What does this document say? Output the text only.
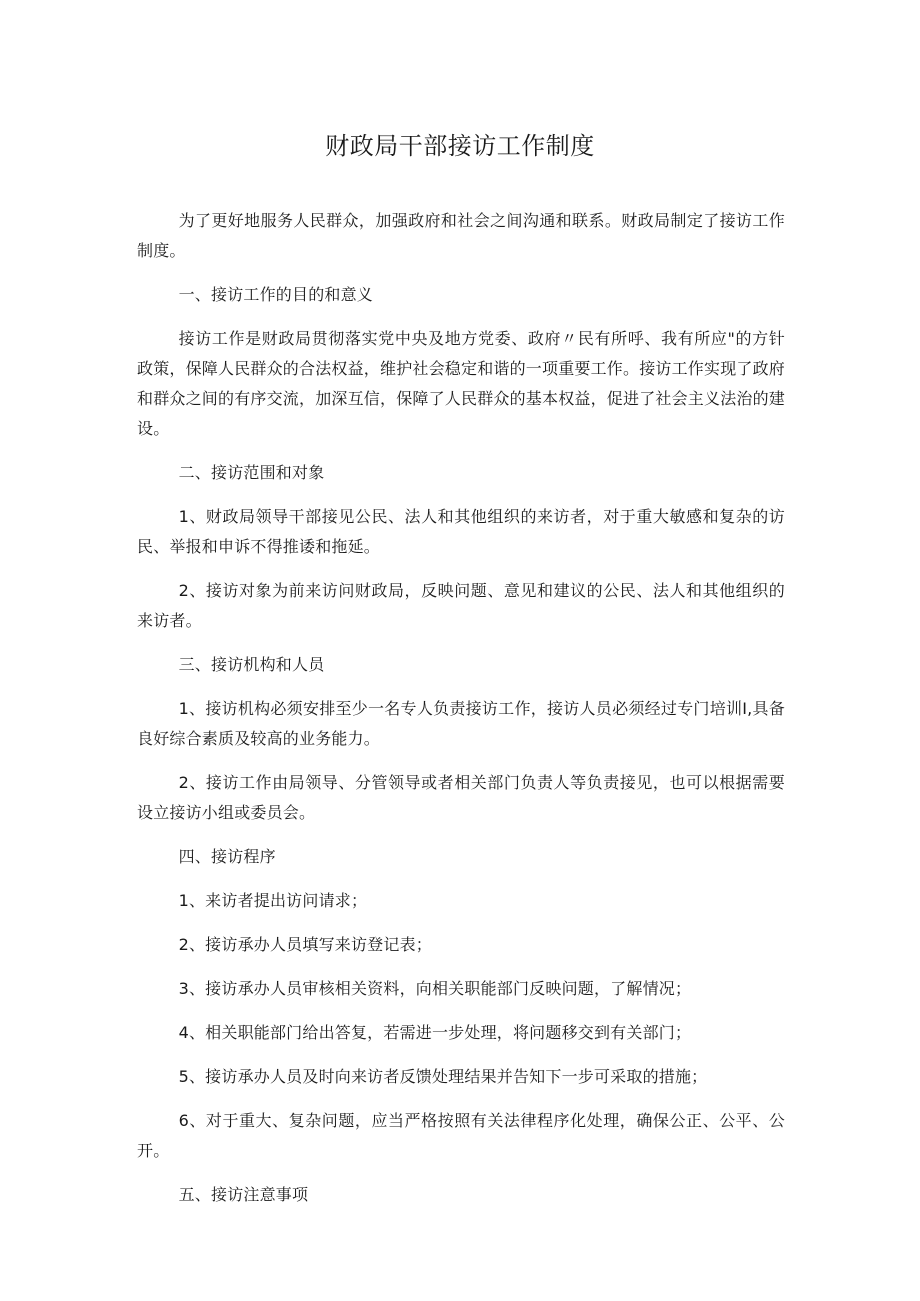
财政局干部接访工作制度

为了更好地服务人民群众，加强政府和社会之间沟通和联系。财政局制定了接访工作制度。

一、接访工作的目的和意义

接访工作是财政局贯彻落实党中央及地方党委、政府〃民有所呼、我有所应"的方针政策，保障人民群众的合法权益，维护社会稳定和谐的一项重要工作。接访工作实现了政府和群众之间的有序交流，加深互信，保障了人民群众的基本权益，促进了社会主义法治的建设。

二、接访范围和对象

1、财政局领导干部接见公民、法人和其他组织的来访者，对于重大敏感和复杂的访民、举报和申诉不得推诿和拖延。

2、接访对象为前来访问财政局，反映问题、意见和建议的公民、法人和其他组织的来访者。

三、接访机构和人员

1、接访机构必须安排至少一名专人负责接访工作，接访人员必须经过专门培训I,具备良好综合素质及较高的业务能力。

2、接访工作由局领导、分管领导或者相关部门负责人等负责接见，也可以根据需要设立接访小组或委员会。

四、接访程序

1、来访者提出访问请求；

2、接访承办人员填写来访登记表；

3、接访承办人员审核相关资料，向相关职能部门反映问题，了解情况；

4、相关职能部门给出答复，若需进一步处理，将问题移交到有关部门；

5、接访承办人员及时向来访者反馈处理结果并告知下一步可采取的措施；

6、对于重大、复杂问题，应当严格按照有关法律程序化处理，确保公正、公平、公开。

五、接访注意事项
